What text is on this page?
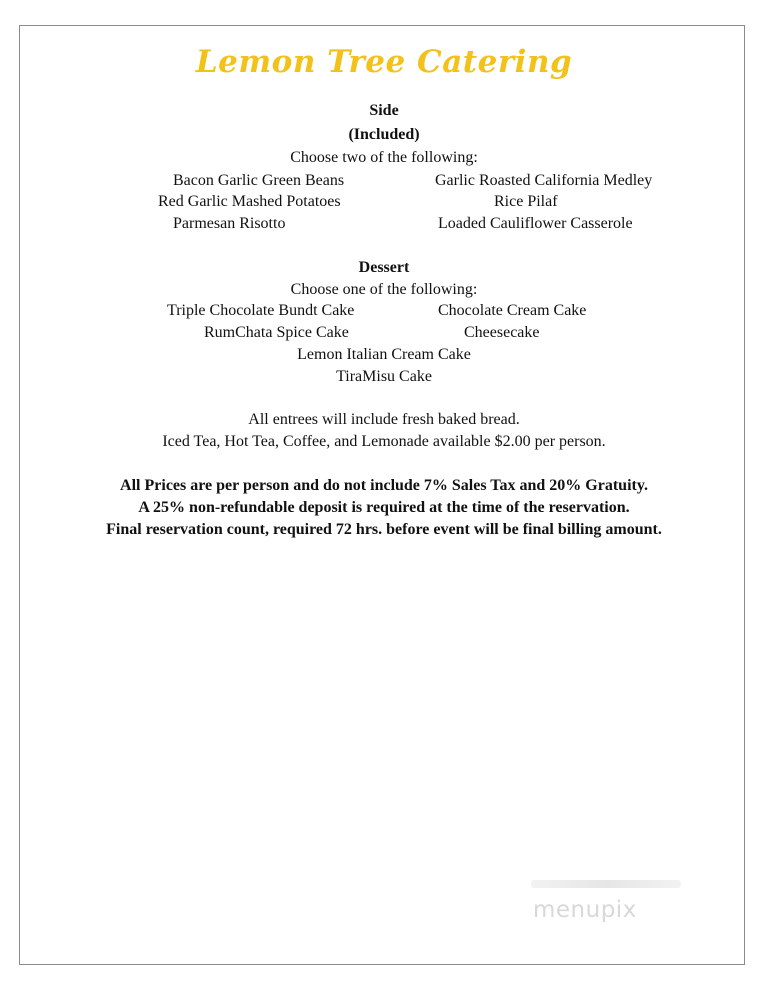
Lemon Tree Catering
Side
(Included)
Choose two of the following:
Bacon Garlic Green Beans	Garlic Roasted California Medley
Red Garlic Mashed Potatoes	Rice Pilaf
Parmesan Risotto	Loaded Cauliflower Casserole
Dessert
Choose one of the following:
Triple Chocolate Bundt Cake	Chocolate Cream Cake
RumChata Spice Cake	Cheesecake
Lemon Italian Cream Cake
TiraMisu Cake
All entrees will include fresh baked bread.
Iced Tea, Hot Tea, Coffee, and Lemonade available $2.00 per person.
All Prices are per person and do not include 7% Sales Tax and 20% Gratuity.
A 25% non-refundable deposit is required at the time of the reservation.
Final reservation count, required 72 hrs. before event will be final billing amount.
menupix
